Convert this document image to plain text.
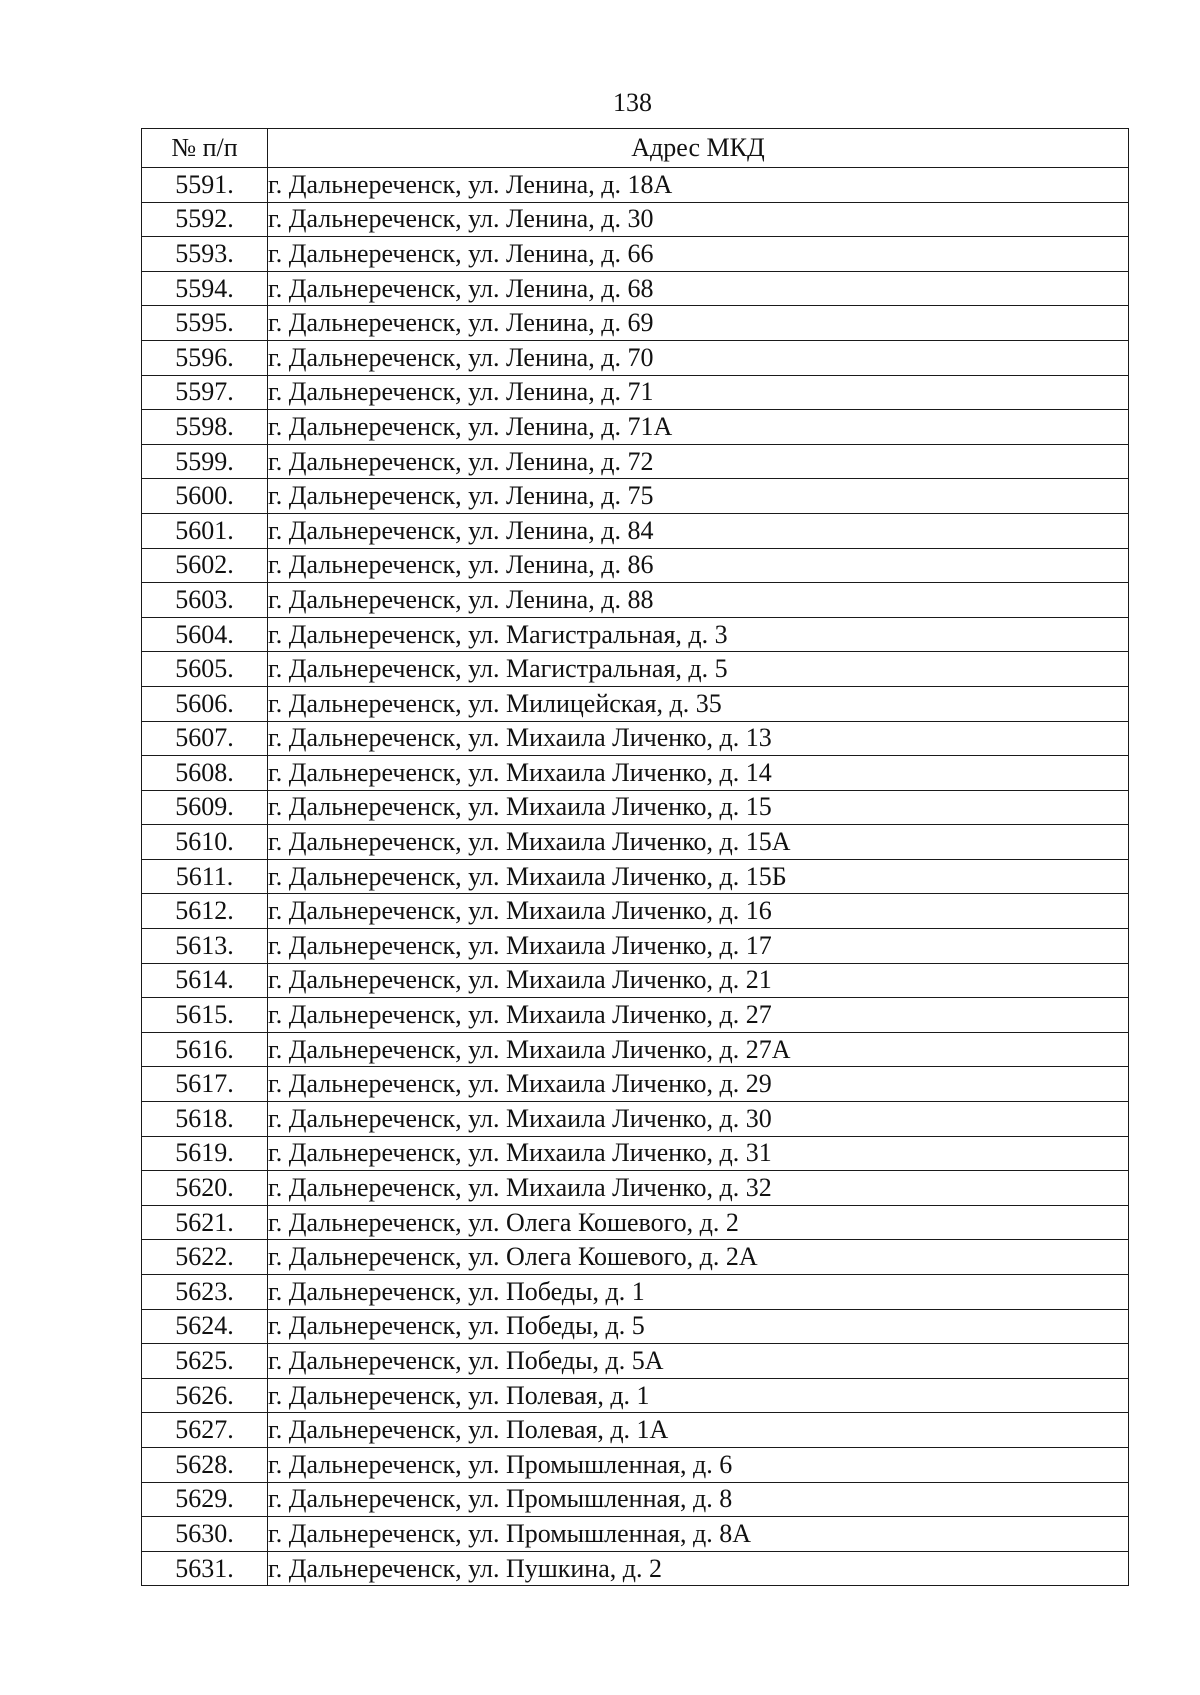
138
№ п/п	Адрес МКД
5591.	г. Дальнереченск, ул. Ленина, д. 18А
5592.	г. Дальнереченск, ул. Ленина, д. 30
5593.	г. Дальнереченск, ул. Ленина, д. 66
5594.	г. Дальнереченск, ул. Ленина, д. 68
5595.	г. Дальнереченск, ул. Ленина, д. 69
5596.	г. Дальнереченск, ул. Ленина, д. 70
5597.	г. Дальнереченск, ул. Ленина, д. 71
5598.	г. Дальнереченск, ул. Ленина, д. 71А
5599.	г. Дальнереченск, ул. Ленина, д. 72
5600.	г. Дальнереченск, ул. Ленина, д. 75
5601.	г. Дальнереченск, ул. Ленина, д. 84
5602.	г. Дальнереченск, ул. Ленина, д. 86
5603.	г. Дальнереченск, ул. Ленина, д. 88
5604.	г. Дальнереченск, ул. Магистральная, д. 3
5605.	г. Дальнереченск, ул. Магистральная, д. 5
5606.	г. Дальнереченск, ул. Милицейская, д. 35
5607.	г. Дальнереченск, ул. Михаила Личенко, д. 13
5608.	г. Дальнереченск, ул. Михаила Личенко, д. 14
5609.	г. Дальнереченск, ул. Михаила Личенко, д. 15
5610.	г. Дальнереченск, ул. Михаила Личенко, д. 15А
5611.	г. Дальнереченск, ул. Михаила Личенко, д. 15Б
5612.	г. Дальнереченск, ул. Михаила Личенко, д. 16
5613.	г. Дальнереченск, ул. Михаила Личенко, д. 17
5614.	г. Дальнереченск, ул. Михаила Личенко, д. 21
5615.	г. Дальнереченск, ул. Михаила Личенко, д. 27
5616.	г. Дальнереченск, ул. Михаила Личенко, д. 27А
5617.	г. Дальнереченск, ул. Михаила Личенко, д. 29
5618.	г. Дальнереченск, ул. Михаила Личенко, д. 30
5619.	г. Дальнереченск, ул. Михаила Личенко, д. 31
5620.	г. Дальнереченск, ул. Михаила Личенко, д. 32
5621.	г. Дальнереченск, ул. Олега Кошевого, д. 2
5622.	г. Дальнереченск, ул. Олега Кошевого, д. 2А
5623.	г. Дальнереченск, ул. Победы, д. 1
5624.	г. Дальнереченск, ул. Победы, д. 5
5625.	г. Дальнереченск, ул. Победы, д. 5А
5626.	г. Дальнереченск, ул. Полевая, д. 1
5627.	г. Дальнереченск, ул. Полевая, д. 1А
5628.	г. Дальнереченск, ул. Промышленная, д. 6
5629.	г. Дальнереченск, ул. Промышленная, д. 8
5630.	г. Дальнереченск, ул. Промышленная, д. 8А
5631.	г. Дальнереченск, ул. Пушкина, д. 2
